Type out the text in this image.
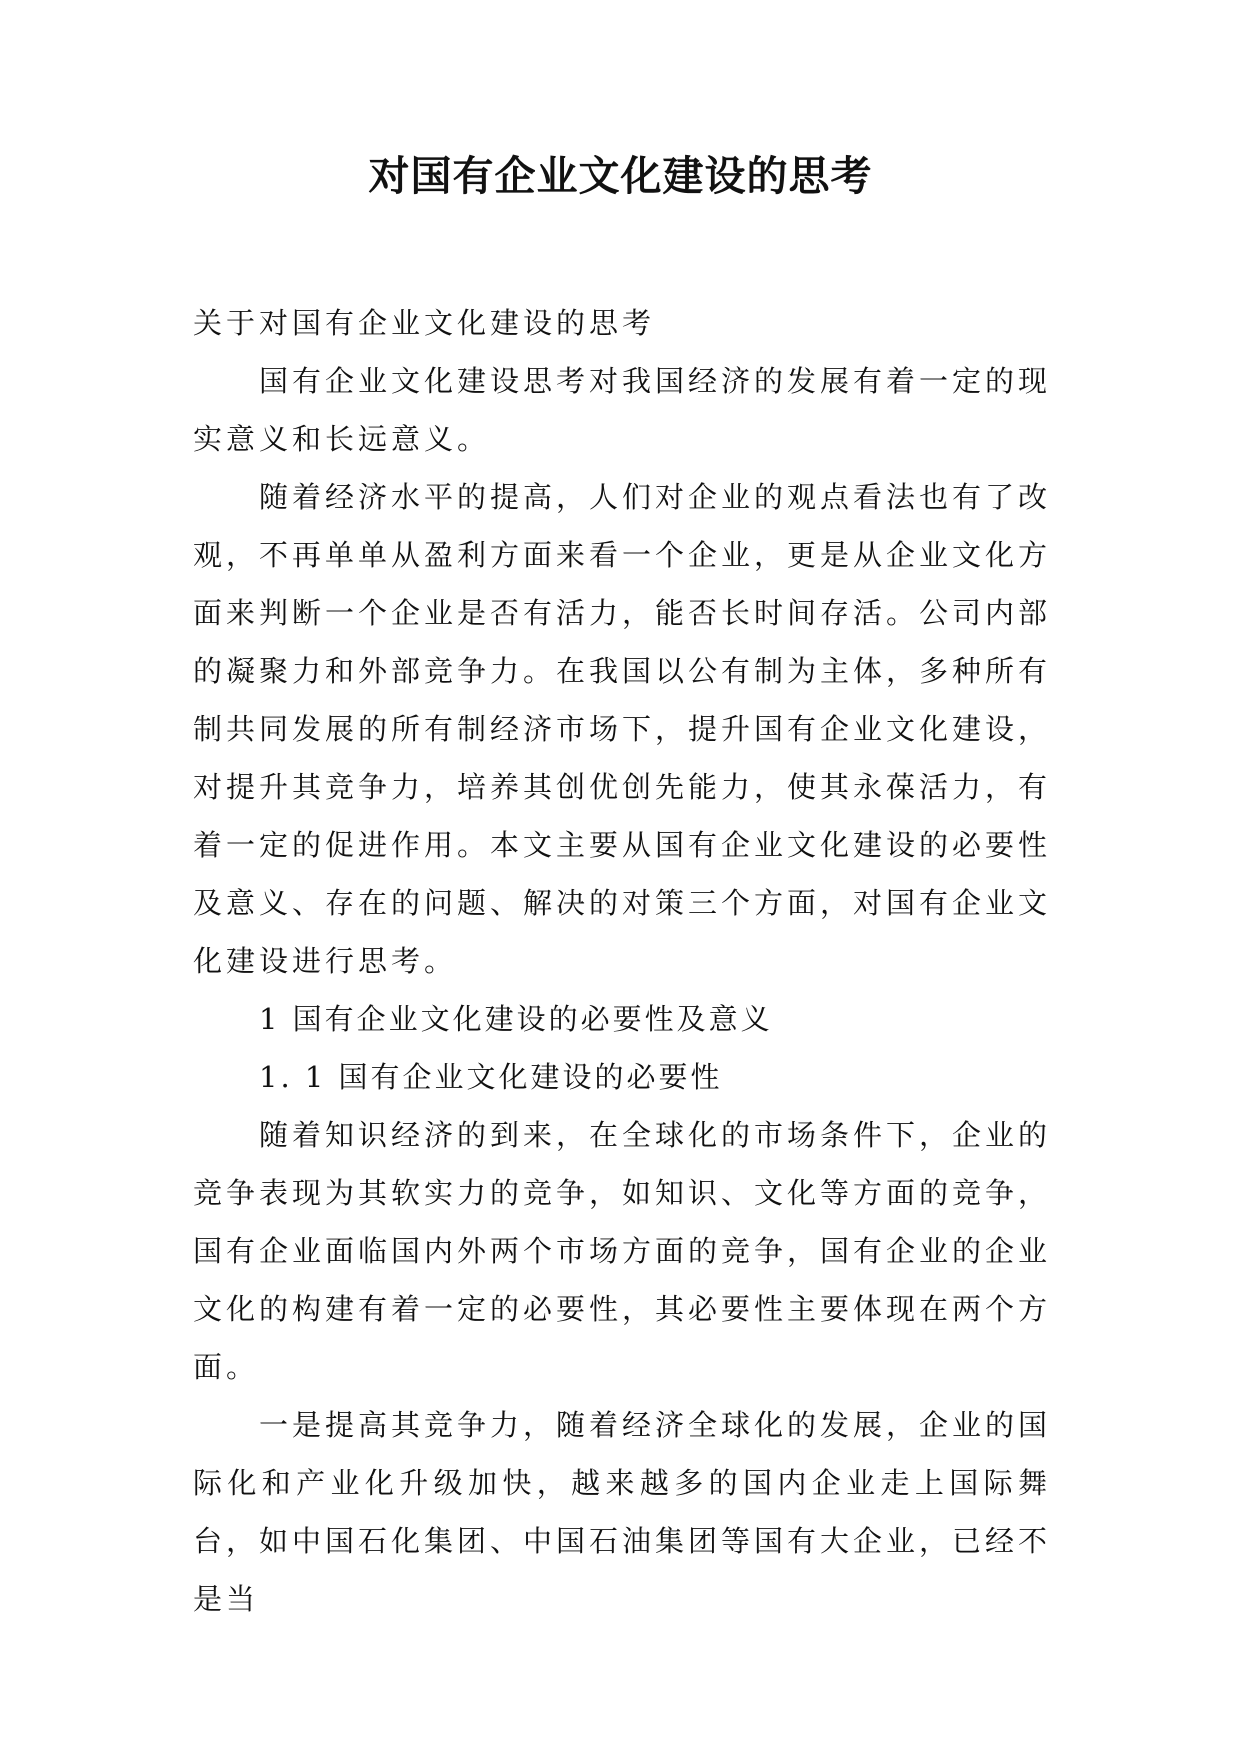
对国有企业文化建设的思考

关于对国有企业文化建设的思考

国有企业文化建设思考对我国经济的发展有着一定的现实意义和长远意义。

随着经济水平的提高，人们对企业的观点看法也有了改观，不再单单从盈利方面来看一个企业，更是从企业文化方面来判断一个企业是否有活力，能否长时间存活。公司内部的凝聚力和外部竞争力。在我国以公有制为主体，多种所有制共同发展的所有制经济市场下，提升国有企业文化建设，对提升其竞争力，培养其创优创先能力，使其永葆活力，有着一定的促进作用。本文主要从国有企业文化建设的必要性及意义、存在的问题、解决的对策三个方面，对国有企业文化建设进行思考。

1 国有企业文化建设的必要性及意义

1. 1 国有企业文化建设的必要性

随着知识经济的到来，在全球化的市场条件下，企业的竞争表现为其软实力的竞争，如知识、文化等方面的竞争，国有企业面临国内外两个市场方面的竞争，国有企业的企业文化的构建有着一定的必要性，其必要性主要体现在两个方面。

一是提高其竞争力，随着经济全球化的发展，企业的国际化和产业化升级加快，越来越多的国内企业走上国际舞台，如中国石化集团、中国石油集团等国有大企业，已经不是当
